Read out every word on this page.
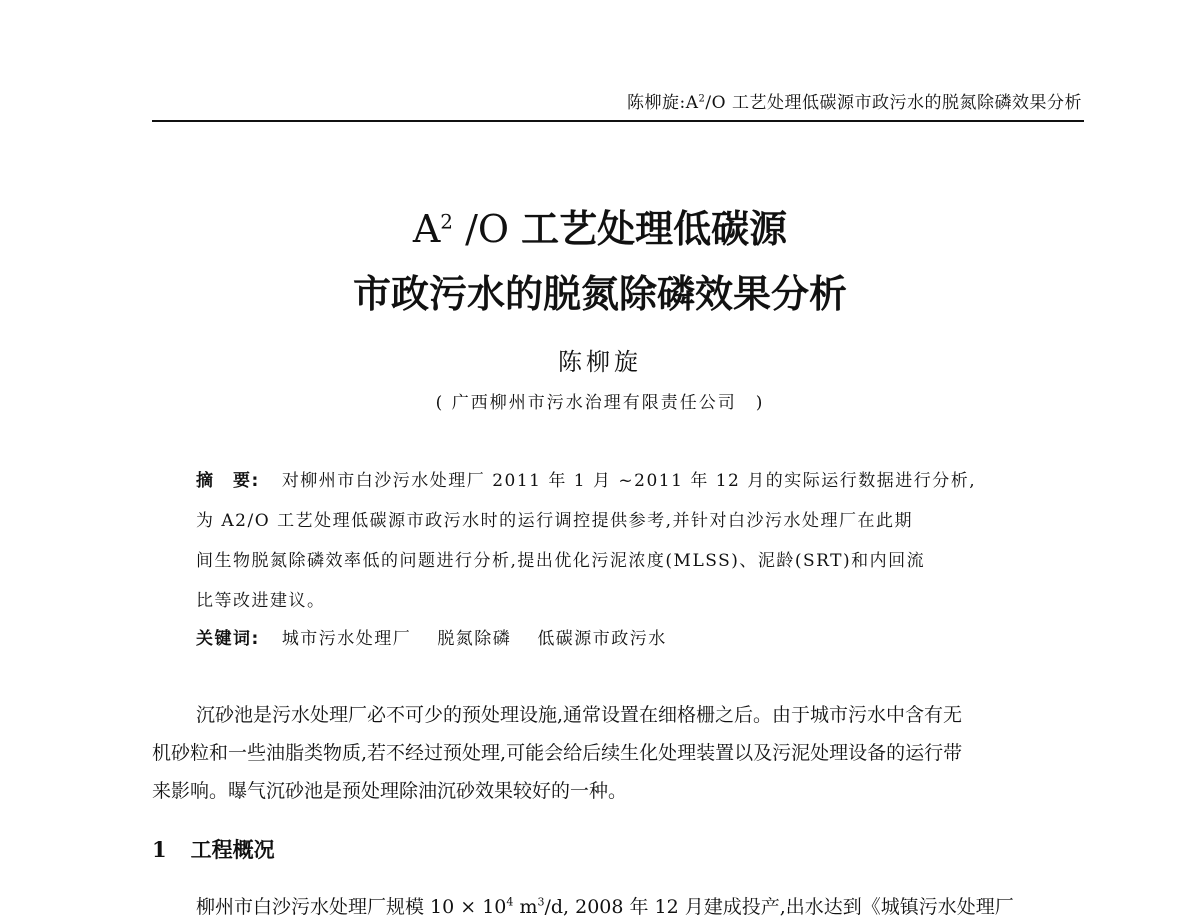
陈柳旋$:A^2/O$ 工艺处理低碳源市政污水的脱氮除磷效果分析
$A^2$ /O 工艺处理低碳源
市政污水的脱氮除磷效果分析
陈柳旋
( 广西柳州市污水治理有限责任公司　)
摘　要: 对柳州市白沙污水处理厂 2011 年 1 月 ~2011 年 12 月的实际运行数据进行分析,
为 A2/O 工艺处理低碳源市政污水时的运行调控提供参考,并针对白沙污水处理厂在此期
间生物脱氮除磷效率低的问题进行分析,提出优化污泥浓度(MLSS)、泥龄(SRT)和内回流
比等改进建议。
关键词: 城市污水处理厂 脱氮除磷 低碳源市政污水
沉砂池是污水处理厂必不可少的预处理设施,通常设置在细格栅之后。由于城市污水中含有无
机砂粒和一些油脂类物质,若不经过预处理,可能会给后续生化处理装置以及污泥处理设备的运行带
来影响。曝气沉砂池是预处理除油沉砂效果较好的一种。
1 工程概况
柳州市白沙污水处理厂规模 $10 \times 10^4$ $m^3/d$, 2008 年 12 月建成投产,出水达到《城镇污水处理厂
